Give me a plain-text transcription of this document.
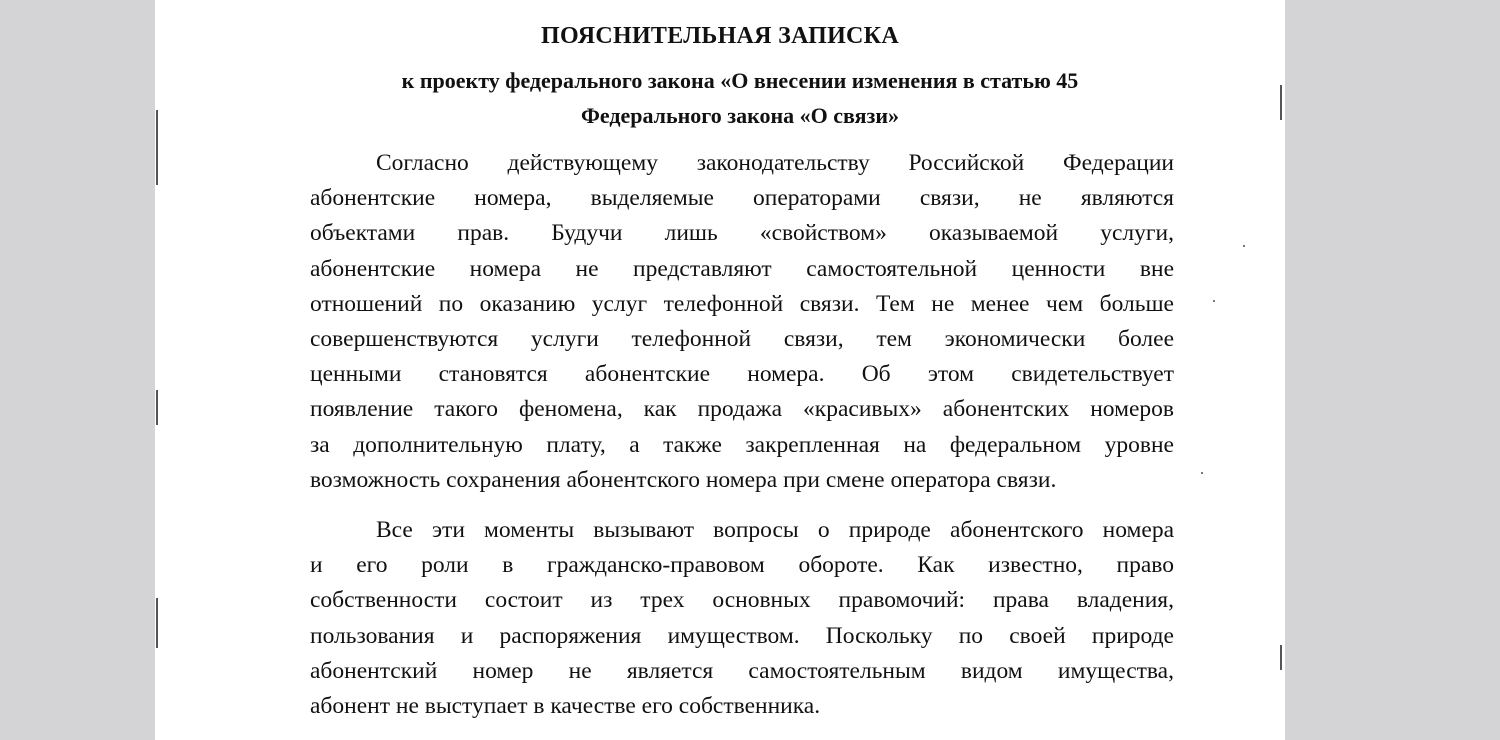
ПОЯСНИТЕЛЬНАЯ ЗАПИСКА
к проекту федерального закона «О внесении изменения в статью 45
Федерального закона «О связи»

Согласно действующему законодательству Российской Федерации
абонентские номера, выделяемые операторами связи, не являются
объектами прав. Будучи лишь «свойством» оказываемой услуги,
абонентские номера не представляют самостоятельной ценности вне
отношений по оказанию услуг телефонной связи. Тем не менее чем больше
совершенствуются услуги телефонной связи, тем экономически более
ценными становятся абонентские номера. Об этом свидетельствует
появление такого феномена, как продажа «красивых» абонентских номеров
за дополнительную плату, а также закрепленная на федеральном уровне
возможность сохранения абонентского номера при смене оператора связи.

Все эти моменты вызывают вопросы о природе абонентского номера
и его роли в гражданско-правовом обороте. Как известно, право
собственности состоит из трех основных правомочий: права владения,
пользования и распоряжения имуществом. Поскольку по своей природе
абонентский номер не является самостоятельным видом имущества,
абонент не выступает в качестве его собственника.
